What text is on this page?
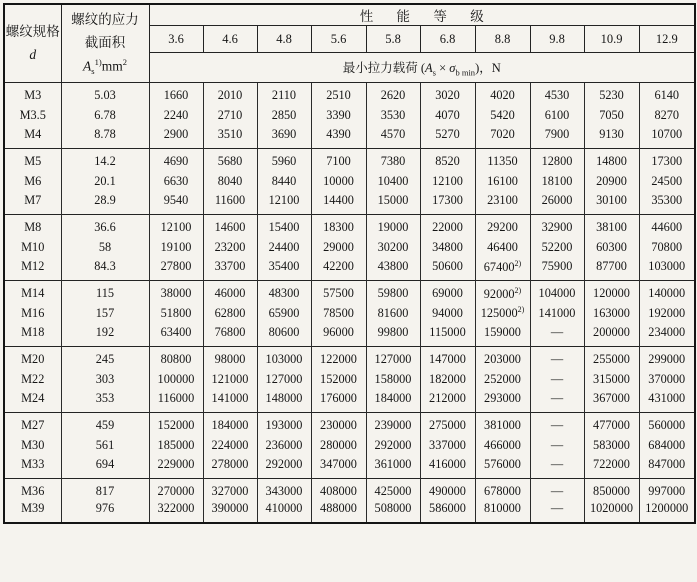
螺纹规格
d

螺纹的应力
截面积
$A_s^{1)}mm^2$
	性 能 等 级
		3.6	4.6	4.8	5.6	5.8	6.8	8.8	9.8	10.9	12.9
		最小拉力载荷 $(A_s \times \sigma_{b min})$，N									
M3	5.03	1660	2010	2110	2510	2620	3020	4020	4530	5230	6140
M3.5	6.78	2240	2710	2850	3390	3530	4070	5420	6100	7050	8270
M4	8.78	2900	3510	3690	4390	4570	5270	7020	7900	9130	10700
M5	14.2	4690	5680	5960	7100	7380	8520	11350	12800	14800	17300
M6	20.1	6630	8040	8440	10000	10400	12100	16100	18100	20900	24500
M7	28.9	9540	11600	12100	14400	15000	17300	23100	26000	30100	35300
M8	36.6	12100	14600	15400	18300	19000	22000	29200	32900	38100	44600
M10	58	19100	23200	24400	29000	30200	34800	46400	52200	60300	70800
M12	84.3	27800	33700	35400	42200	43800	50600	67400$^{2)}$	75900	87700	103000
M14	115	38000	46000	48300	57500	59800	69000	92000$^{2)}$	104000	120000	140000
M16	157	51800	62800	65900	78500	81600	94000	125000$^{2)}$	141000	163000	192000
M18	192	63400	76800	80600	96000	99800	115000	159000	—	200000	234000
M20	245	80800	98000	103000	122000	127000	147000	203000	—	255000	299000
M22	303	100000	121000	127000	152000	158000	182000	252000	—	315000	370000
M24	353	116000	141000	148000	176000	184000	212000	293000	—	367000	431000
M27	459	152000	184000	193000	230000	239000	275000	381000	—	477000	560000
M30	561	185000	224000	236000	280000	292000	337000	466000	—	583000	684000
M33	694	229000	278000	292000	347000	361000	416000	576000	—	722000	847000
M36	817	270000	327000	343000	408000	425000	490000	678000	—	850000	997000
M39	976	322000	390000	410000	488000	508000	586000	810000	—	1020000	1200000
